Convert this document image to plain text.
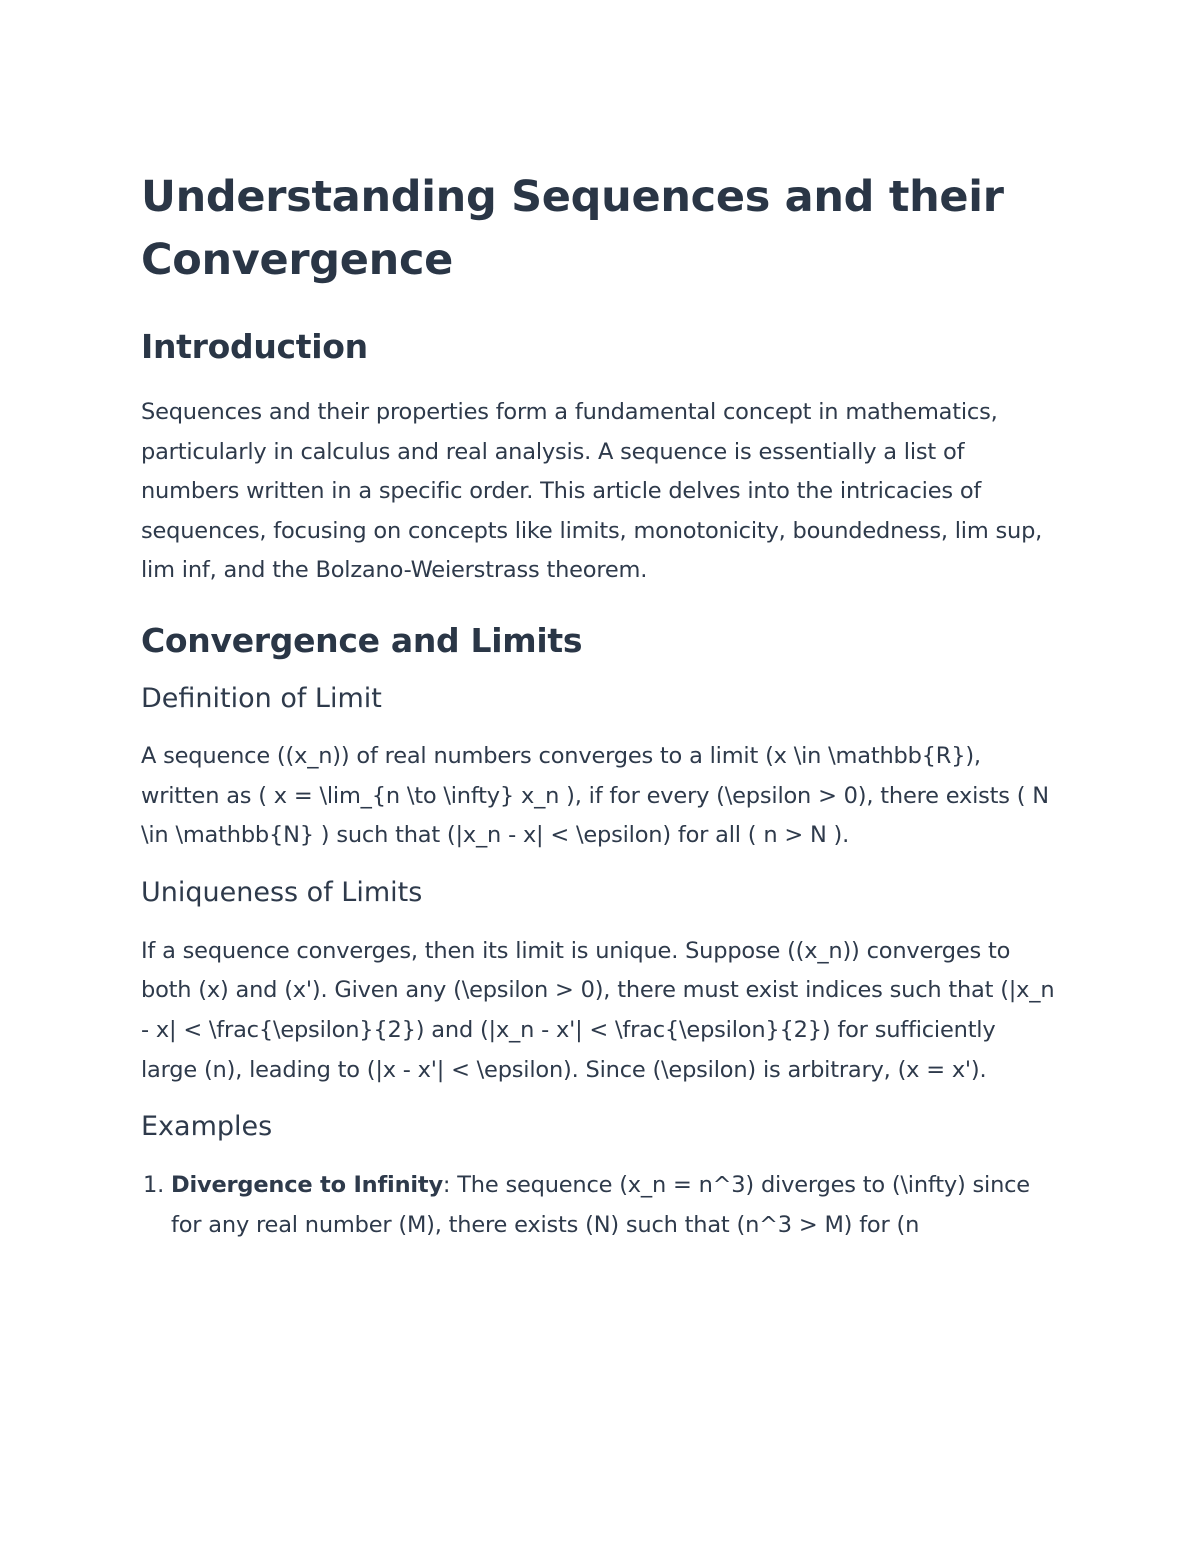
Understanding Sequences and their Convergence
Introduction

Sequences and their properties form a fundamental concept in mathematics, particularly in calculus and real analysis. A sequence is essentially a list of numbers written in a specific order. This article delves into the intricacies of sequences, focusing on concepts like limits, monotonicity, boundedness, lim sup, lim inf, and the Bolzano-Weierstrass theorem.

Convergence and Limits
Definition of Limit

A sequence ((x_n)) of real numbers converges to a limit (x \in \mathbb{R}), written as ( x = \lim_{n \to \infty} x_n ), if for every (\epsilon > 0), there exists ( N \in \mathbb{N} ) such that (|x_n - x| < \epsilon) for all ( n > N ).

Uniqueness of Limits

If a sequence converges, then its limit is unique. Suppose ((x_n)) converges to both (x) and (x'). Given any (\epsilon > 0), there must exist indices such that (|x_n - x| < \frac{\epsilon}{2}) and (|x_n - x'| < \frac{\epsilon}{2}) for sufficiently large (n), leading to (|x - x'| < \epsilon). Since (\epsilon) is arbitrary, (x = x').

Examples
1. Divergence to Infinity: The sequence (x_n = n^3) diverges to (\infty) since for any real number (M), there exists (N) such that (n^3 > M) for (n
